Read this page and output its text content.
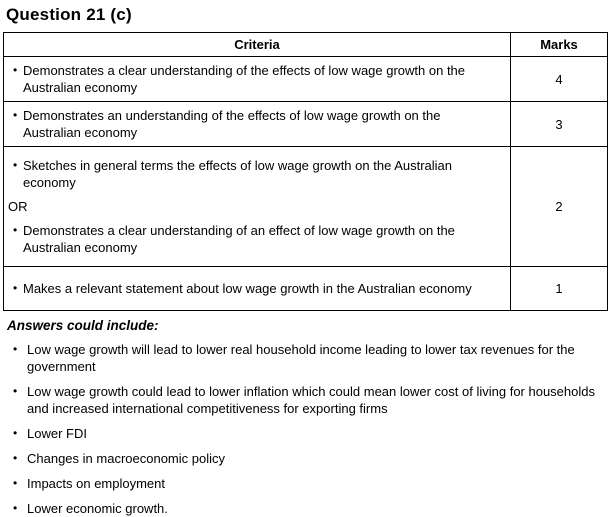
Question 21 (c)
Criteria	Marks

• Demonstrates a clear understanding of the effects of low wage growth on the Australian economy	4

• Demonstrates an understanding of the effects of low wage growth on the Australian economy	3

• Sketches in general terms the effects of low wage growth on the Australian economy
OR
• Demonstrates a clear understanding of an effect of low wage growth on the Australian economy	2

• Makes a relevant statement about low wage growth in the Australian economy	1
Answers could include:
• Low wage growth will lead to lower real household income leading to lower tax revenues for the government
• Low wage growth could lead to lower inflation which could mean lower cost of living for households and increased international competitiveness for exporting firms
• Lower FDI
• Changes in macroeconomic policy
• Impacts on employment
• Lower economic growth.
